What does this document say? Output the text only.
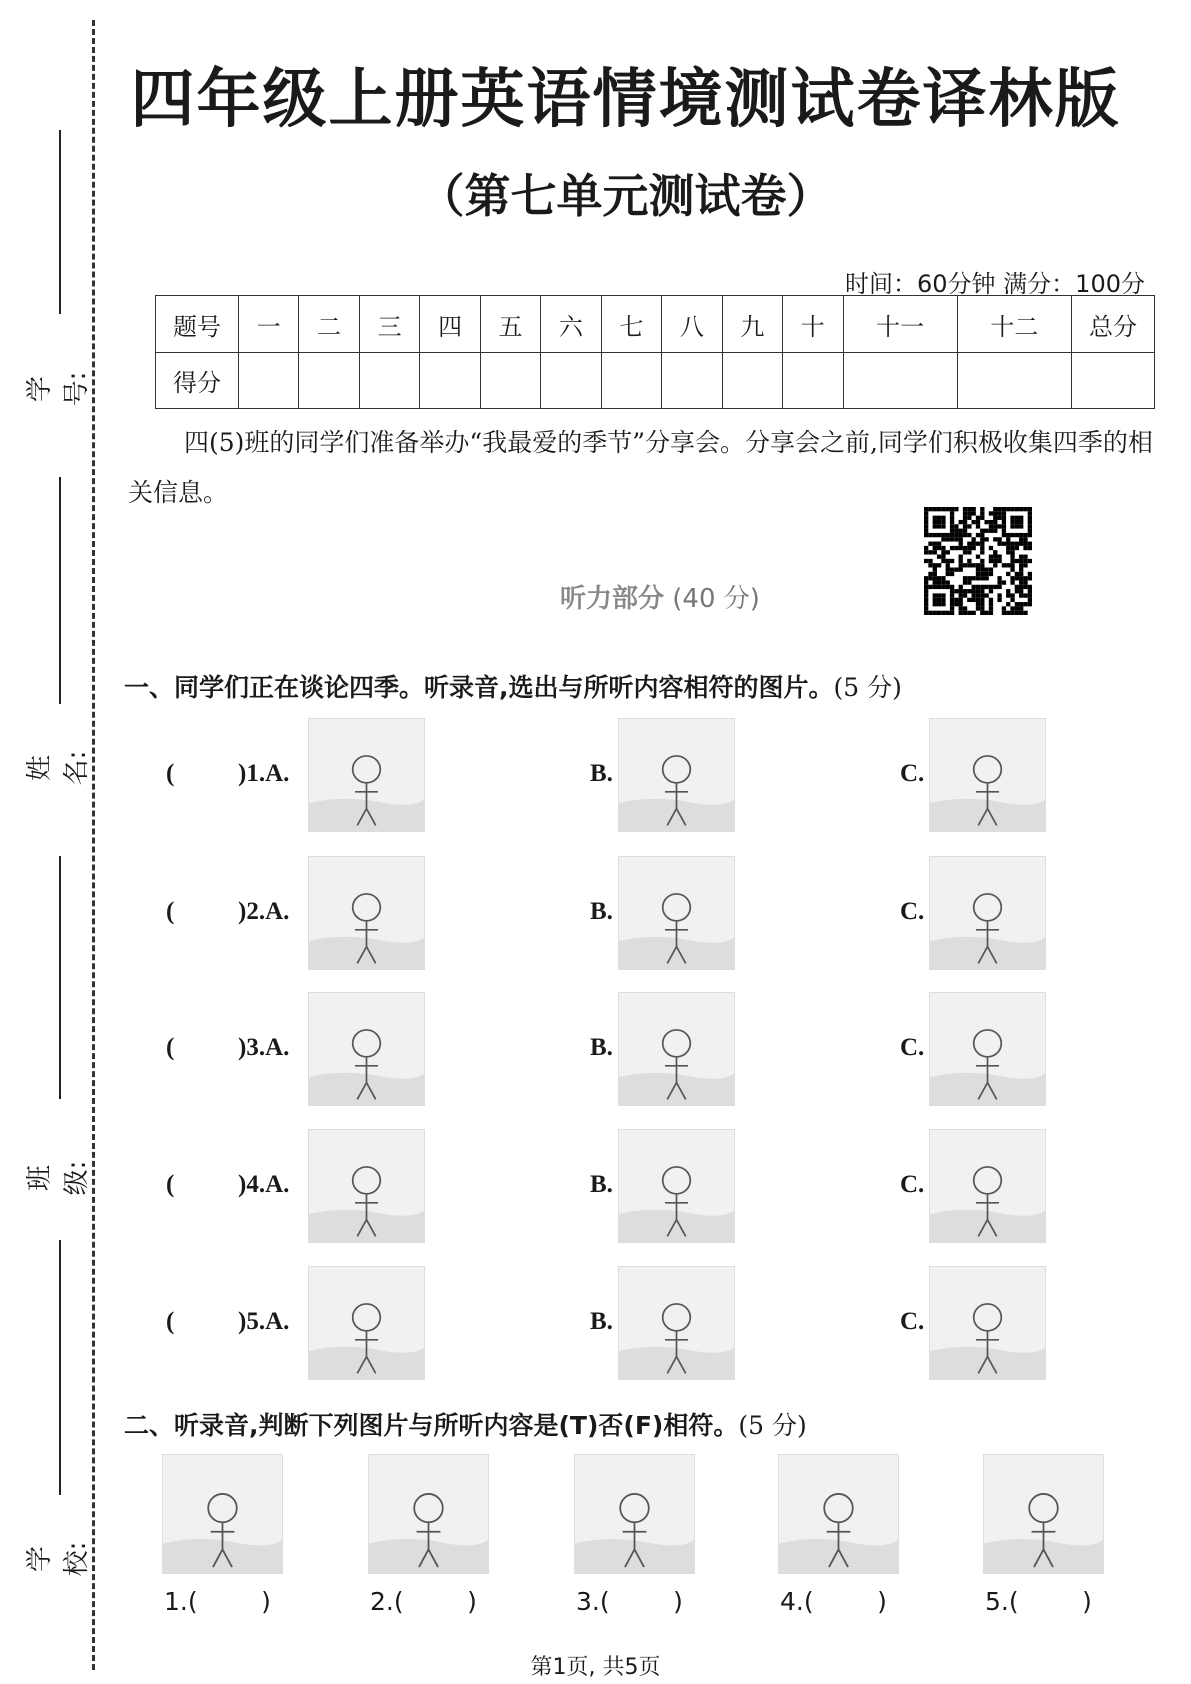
学号:
姓名:
班级:
学校:
四年级上册英语情境测试卷译林版
（第七单元测试卷）
时间：60分钟 满分：100分
题号	一	二	三	四	五	六	七	八	九	十	十一	十二	总分
得分													
四(5)班的同学们准备举办“我最爱的季节”分享会。分享会之前,同学们积极收集四季的相关信息。
听力部分 (40 分)
一、同学们正在谈论四季。听录音,选出与所听内容相符的图片。(5 分)
(	)1.A.	B.	C.
(	)2.A.	B.	C.
(	)3.A.	B.	C.
(	)4.A.	B.	C.
(	)5.A.	B.	C.
二、听录音,判断下列图片与所听内容是(T)否(F)相符。(5 分)
1.(        )	2.(        )	3.(        )	4.(        )	5.(        )
第1页, 共5页
